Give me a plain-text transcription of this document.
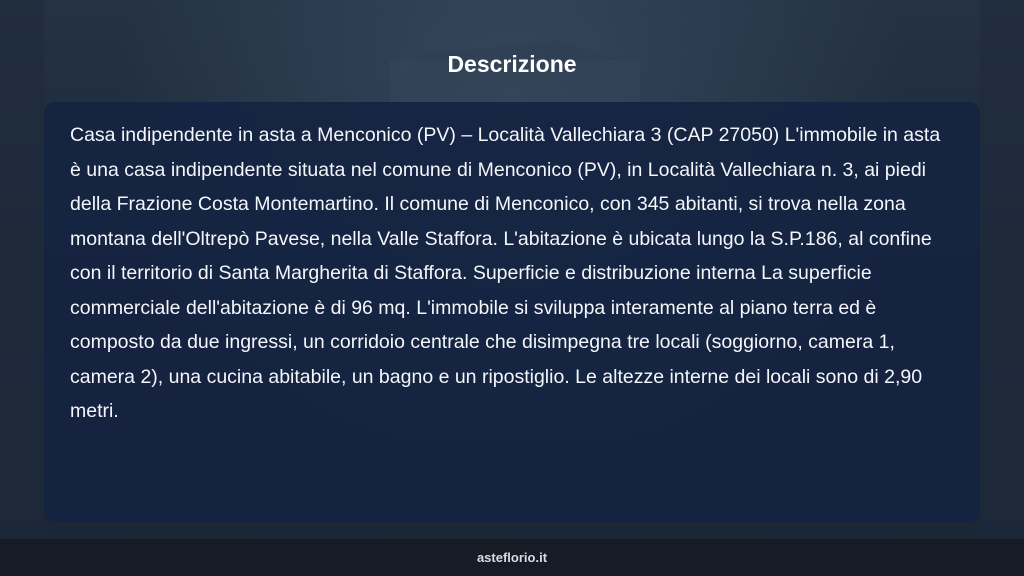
Descrizione

Casa indipendente in asta a Menconico (PV) – Località Vallechiara 3 (CAP 27050) L'immobile in asta è una casa indipendente situata nel comune di Menconico (PV), in Località Vallechiara n. 3, ai piedi della Frazione Costa Montemartino. Il comune di Menconico, con 345 abitanti, si trova nella zona montana dell'Oltrepò Pavese, nella Valle Staffora. L'abitazione è ubicata lungo la S.P.186, al confine con il territorio di Santa Margherita di Staffora. Superficie e distribuzione interna La superficie commerciale dell'abitazione è di 96 mq. L'immobile si sviluppa interamente al piano terra ed è composto da due ingressi, un corridoio centrale che disimpegna tre locali (soggiorno, camera 1, camera 2), una cucina abitabile, un bagno e un ripostiglio. Le altezze interne dei locali sono di 2,90 metri.

asteflorio.it
